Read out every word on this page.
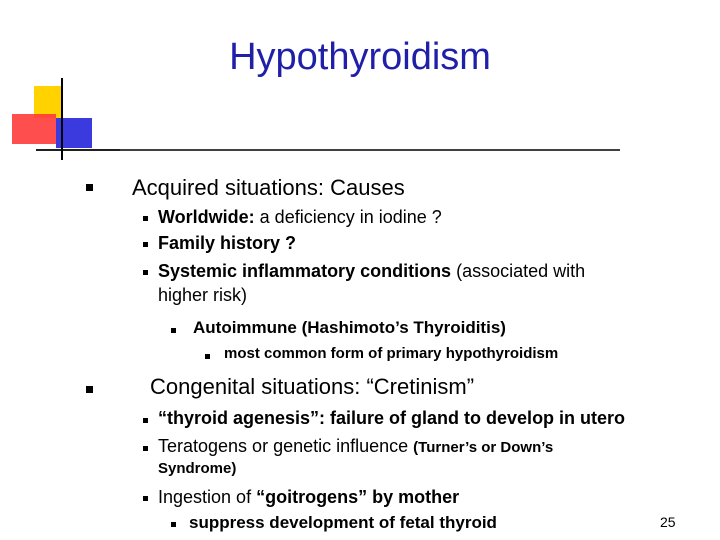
Hypothyroidism
Acquired situations: Causes
Worldwide: a deficiency in iodine ?
Family history ?
Systemic inflammatory conditions (associated with
higher risk)
Autoimmune (Hashimoto’s Thyroiditis)
most common form of primary hypothyroidism
Congenital situations: “Cretinism”
“thyroid agenesis”: failure of gland to develop in utero
Teratogens or genetic influence (Turner’s or Down’s
Syndrome)
Ingestion of “goitrogens” by mother
suppress development of fetal thyroid	25
